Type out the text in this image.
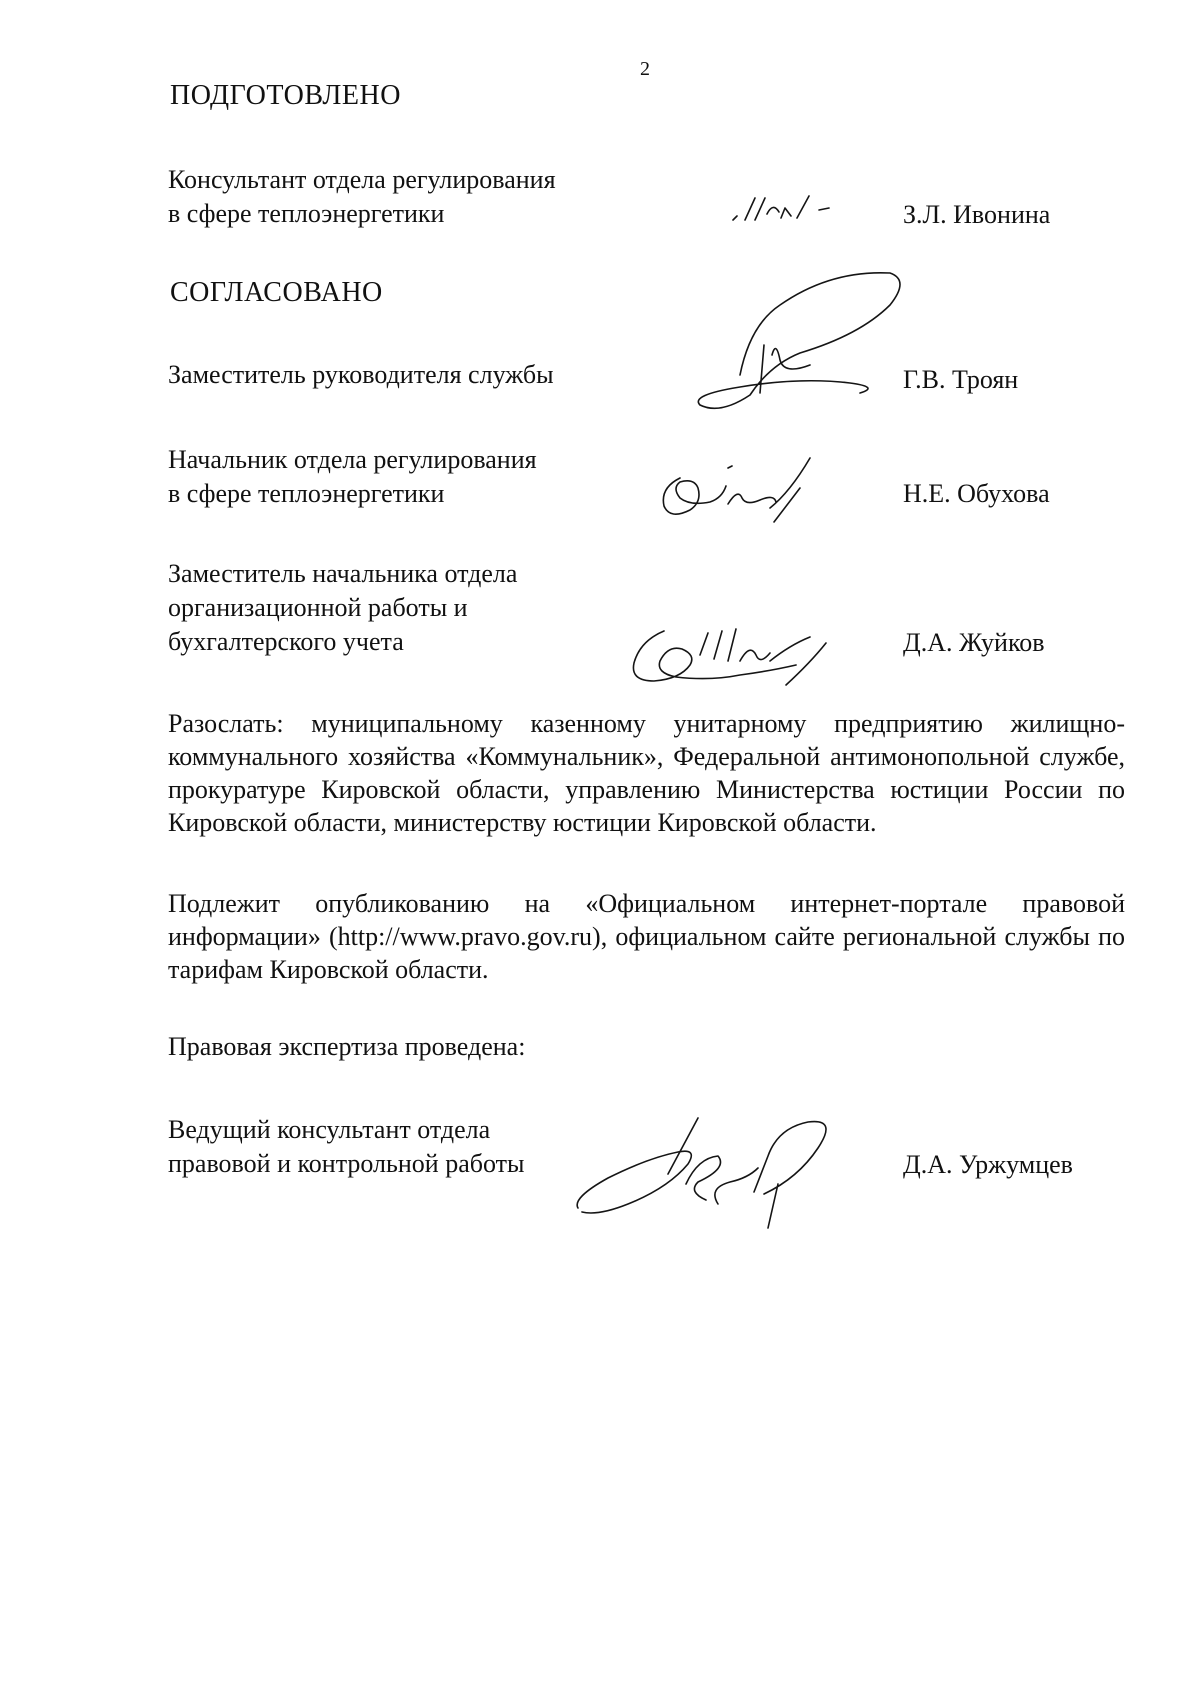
2
ПОДГОТОВЛЕНО
Консультант отдела регулирования
в сфере теплоэнергетики	З.Л. Ивонина
СОГЛАСОВАНО
Заместитель руководителя службы	Г.В. Троян
Начальник отдела регулирования
в сфере теплоэнергетики	Н.Е. Обухова
Заместитель начальника отдела
организационной работы и
бухгалтерского учета	Д.А. Жуйков

Разослать: муниципальному казенному унитарному предприятию жилищно-коммунального хозяйства «Коммунальник», Федеральной антимонопольной службе, прокуратуре Кировской области, управлению Министерства юстиции России по Кировской области, министерству юстиции Кировской области.

Подлежит опубликованию на «Официальном интернет-портале правовой информации» (http://www.pravo.gov.ru), официальном сайте региональной службы по тарифам Кировской области.

Правовая экспертиза проведена:
Ведущий консультант отдела
правовой и контрольной работы	Д.А. Уржумцев
